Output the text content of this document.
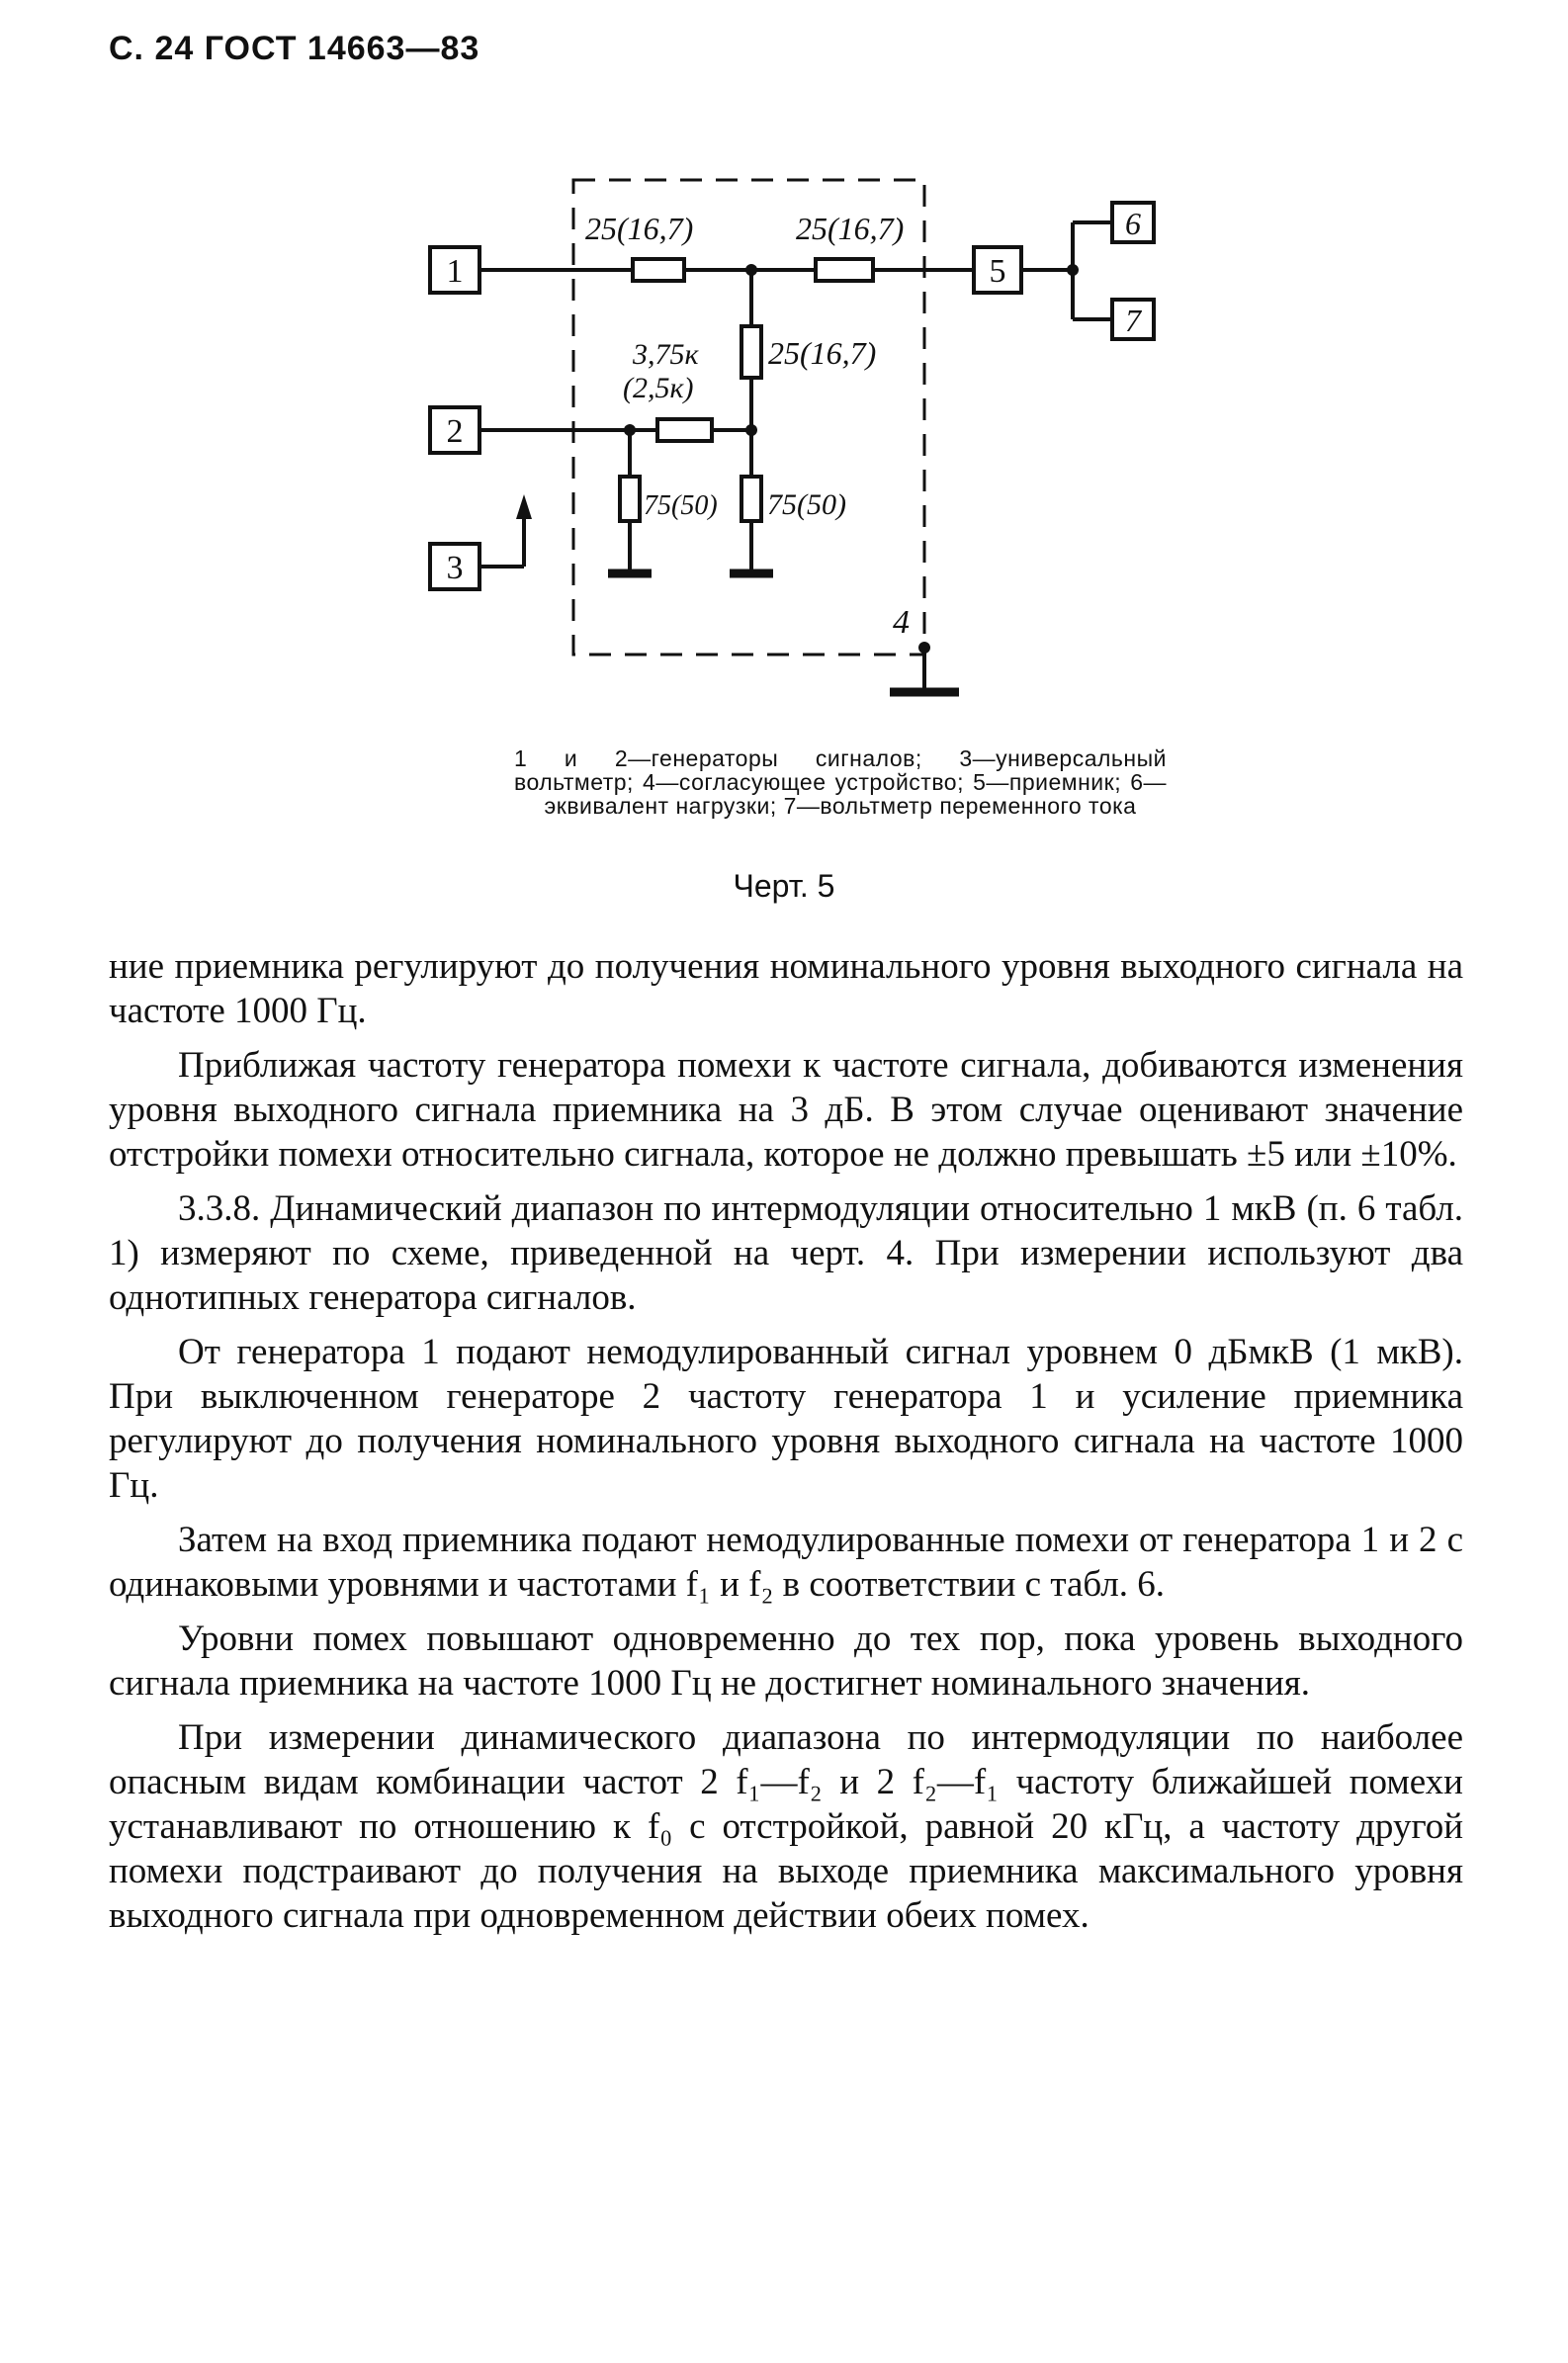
С. 24 ГОСТ 14663—83
1
2
3
5
6
7
25(16,7)	25(16,7)
3,75к
(2,5к)
25(16,7)
75(50) 75(50)
4
1 и 2—генераторы сигналов; 3—универсальный вольтметр; 4—согласующее устройство; 5—приемник; 6—эквивалент нагрузки; 7—вольтметр переменного тока
Черт. 5

ние приемника регулируют до получения номинального уровня выходного сигнала на частоте 1000 Гц.

Приближая частоту генератора помехи к частоте сигнала, добиваются изменения уровня выходного сигнала приемника на 3 дБ. В этом случае оценивают значение отстройки помехи относительно сигнала, которое не должно превышать ±5 или ±10%.

3.3.8. Динамический диапазон по интермодуляции относительно 1 мкВ (п. 6 табл. 1) измеряют по схеме, приведенной на черт. 4. При измерении используют два однотипных генератора сигналов.

От генератора 1 подают немодулированный сигнал уровнем 0 дБмкВ (1 мкВ). При выключенном генераторе 2 частоту генератора 1 и усиление приемника регулируют до получения номинального уровня выходного сигнала на частоте 1000 Гц.

Затем на вход приемника подают немодулированные помехи от генератора 1 и 2 с одинаковыми уровнями и частотами f₁ и f₂ в соответствии с табл. 6.

Уровни помех повышают одновременно до тех пор, пока уровень выходного сигнала приемника на частоте 1000 Гц не достигнет номинального значения.

При измерении динамического диапазона по интермодуляции по наиболее опасным видам комбинации частот 2 f₁—f₂ и 2 f₂—f₁ частоту ближайшей помехи устанавливают по отношению к f₀ с отстройкой, равной 20 кГц, а частоту другой помехи подстраивают до получения на выходе приемника максимального уровня выходного сигнала при одновременном действии обеих помех.
